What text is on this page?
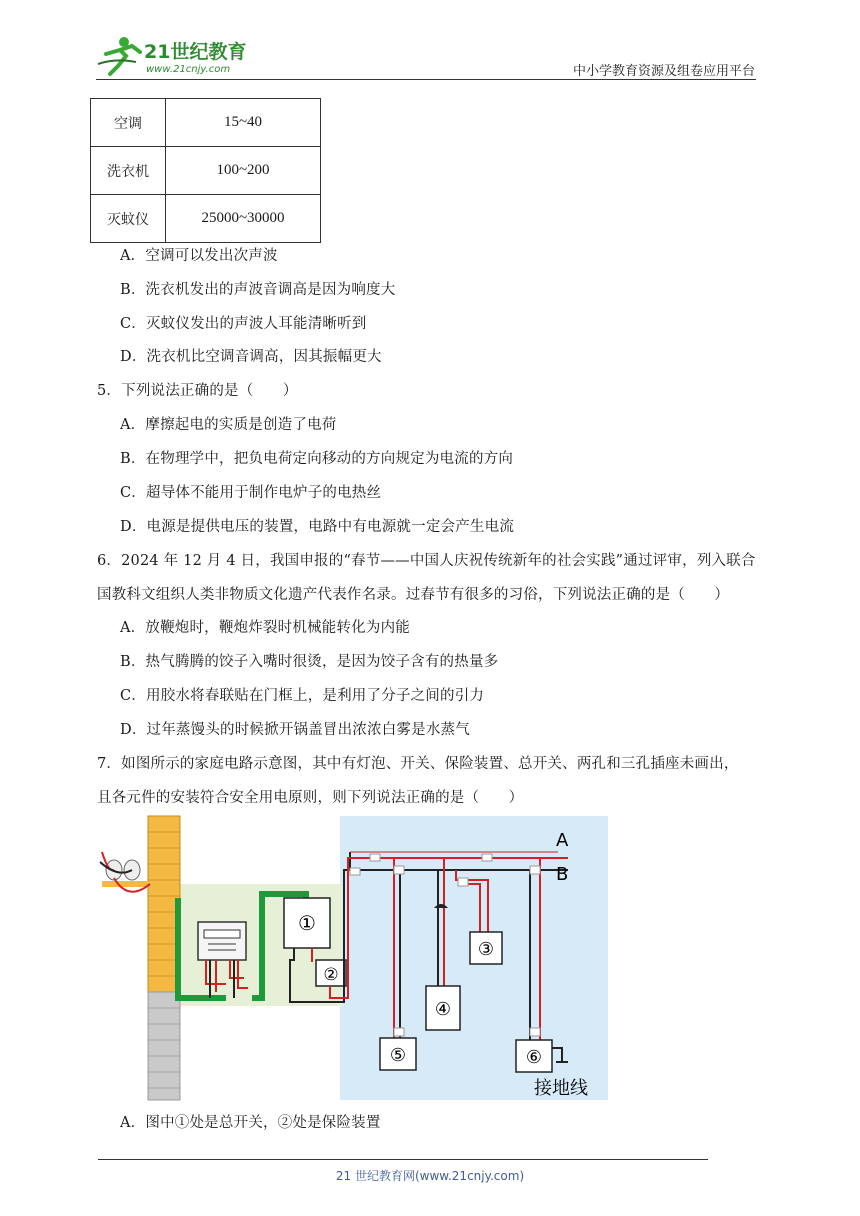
21世纪教育
www.21cnjy.com	中小学教育资源及组卷应用平台
空调	15~40
洗衣机	100~200
灭蚊仪	25000~30000
A．空调可以发出次声波
B．洗衣机发出的声波音调高是因为响度大
C．灭蚊仪发出的声波人耳能清晰听到
D．洗衣机比空调音调高，因其振幅更大
5．下列说法正确的是（　　）
A．摩擦起电的实质是创造了电荷
B．在物理学中，把负电荷定向移动的方向规定为电流的方向
C．超导体不能用于制作电炉子的电热丝
D．电源是提供电压的装置，电路中有电源就一定会产生电流
6．2024 年 12 月 4 日，我国申报的“春节——中国人庆祝传统新年的社会实践”通过评审，列入联合
国教科文组织人类非物质文化遗产代表作名录。过春节有很多的习俗，下列说法正确的是（　　）
A．放鞭炮时，鞭炮炸裂时机械能转化为内能
B．热气腾腾的饺子入嘴时很烫，是因为饺子含有的热量多
C．用胶水将春联贴在门框上，是利用了分子之间的引力
D．过年蒸馒头的时候掀开锅盖冒出浓浓白雾是水蒸气
7．如图所示的家庭电路示意图，其中有灯泡、开关、保险装置、总开关、两孔和三孔插座未画出，
且各元件的安装符合安全用电原则，则下列说法正确的是（　　）
①
②
A
B
⑤
④
③
⑥
接地线
A．图中①处是总开关，②处是保险装置
21 世纪教育网(www.21cnjy.com)
